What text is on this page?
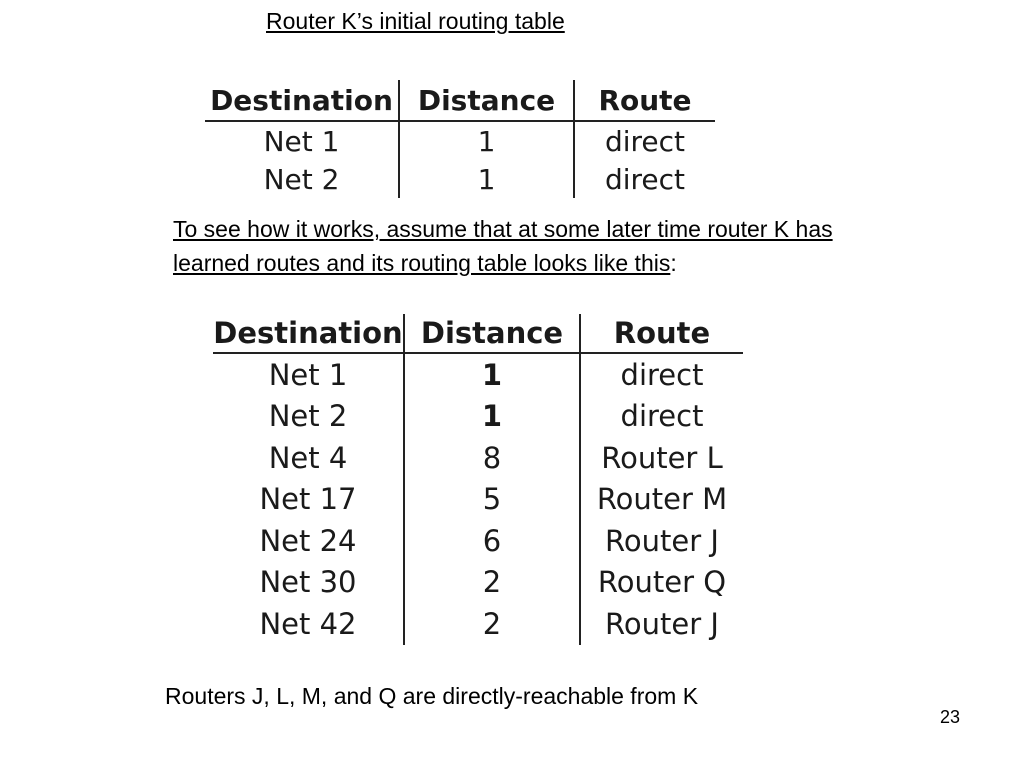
Router K’s initial routing table
Destination	Distance	Route
Net 1	1	direct
Net 2	1	direct
To see how it works, assume that at some later time router K has learned routes and its routing table looks like this:
Destination	Distance	Route
Net 1	1	direct
Net 2	1	direct
Net 4	8	Router L
Net 17	5	Router M
Net 24	6	Router J
Net 30	2	Router Q
Net 42	2	Router J
Routers J, L, M, and Q are directly-reachable from K
23
